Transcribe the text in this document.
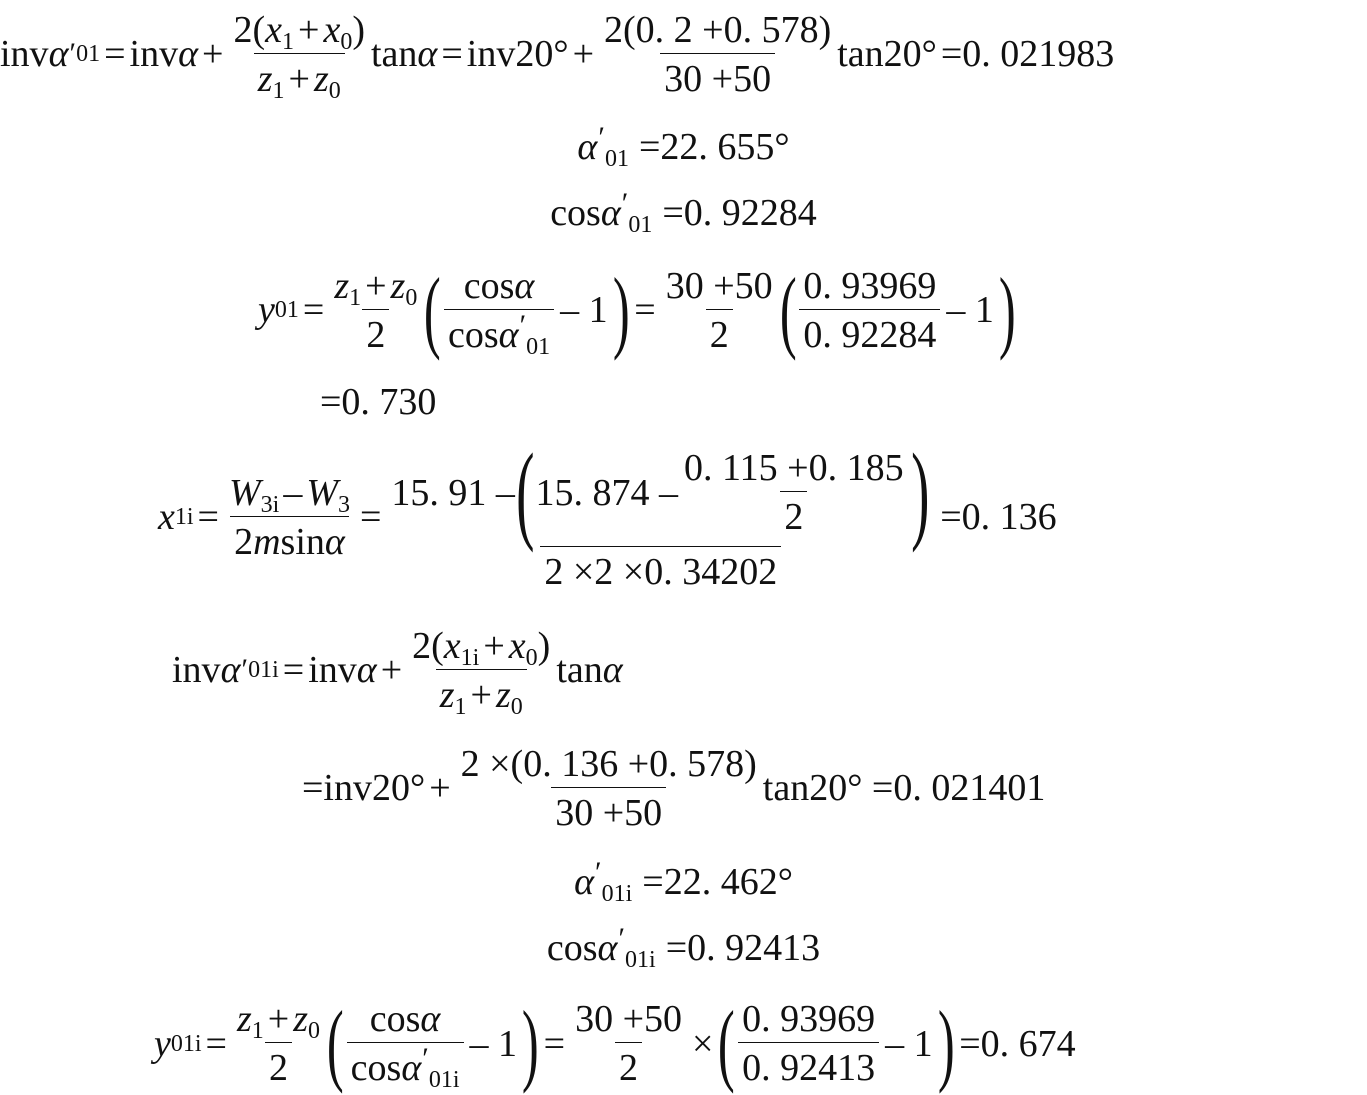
inv α ′ 01 = inv $\alpha + \frac{2(x_1 + x_0)}{z_1 + z_0}$ $\tan\alpha = inv20^\circ + \frac{2(0. 2 +0. 578)}{30 +50} \tan 20^\circ =0$. 021983
$\alpha'_{01} =22$. 655°
cosα′$_{01}$ =0. 92284
y $01 = \frac{z_1 + z_0}{2}$ ( $\frac{\cos\alpha}{\cos\alpha'_{01}} - 1$ ) = $\frac{30 +50}{2}$ ( $\frac{0. 93969}{0. 92284} - 1$ )
=0. 730
x $1i = \frac{W_{3i} - W_3}{2msin\alpha}$ =
15. 91 – ( 15. $874 - \frac{0. 115 +0. 185}{2}$ )
2 ×2 ×0. 34202
=0. 136
inv α ′ 01i = inv $\alpha + \frac{2(x_{1i} + x_0)}{z_1 + z_0}$ tanα
$=inv20^\circ + \frac{2 \times(0. 136 +0. 578)}{30 +50} \tan 20^\circ =0$. 021401
$\alpha'_{01i} =22$. 462°
cosα′$_{01i}$ =0. 92413
y $01i = \frac{z_1 + z_0}{2}$ ( $\frac{\cos\alpha}{\cos\alpha'_{01i}} - 1$ ) = $\frac{30 +50}{2}$ × ( $\frac{0. 93969}{0. 92413} - 1$ ) =0. 674
